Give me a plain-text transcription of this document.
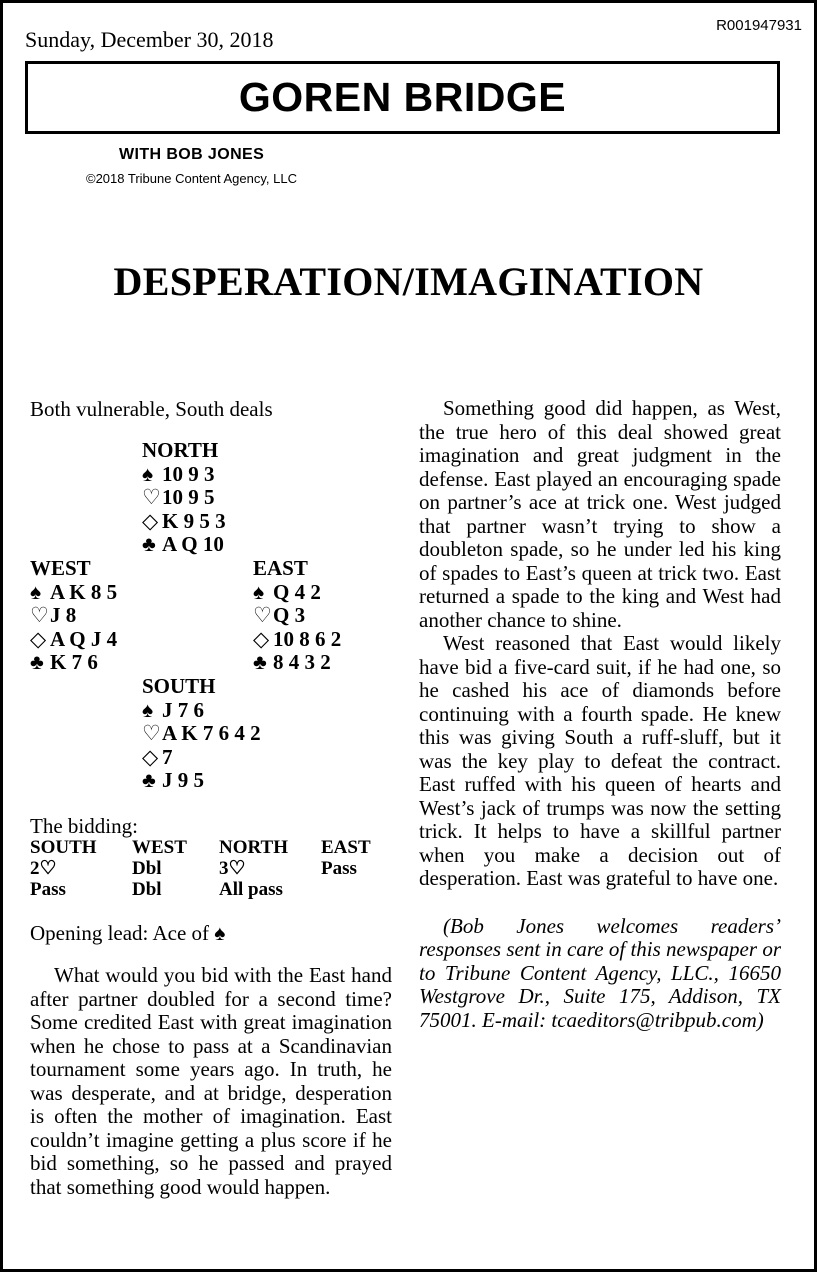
Sunday, December 30, 2018
R001947931
GOREN BRIDGE
WITH BOB JONES
©2018 Tribune Content Agency, LLC
DESPERATION/IMAGINATION
Both vulnerable, South deals
NORTH
♠ 10 9 3
♡10 9 5
◇ K 9 5 3
♣ A Q 10
WEST
♠ A K 8 5
♡J 8
◇ A Q J 4
♣ K 7 6
EAST
♠ Q 4 2
♡Q 3
◇ 10 8 6 2
♣ 8 4 3 2
SOUTH
♠ J 7 6
♡A K 7 6 4 2
◇ 7
♣ J 9 5
The bidding:
SOUTH WEST NORTH EAST
2♡	Dbl	3♡	Pass
Pass	Dbl	All pass
Opening lead: Ace of ♠

What would you bid with the East hand after partner doubled for a second time? Some credited East with great imagination when he chose to pass at a Scandinavian tournament some years ago. In truth, he was desperate, and at bridge, desperation is often the mother of imagination. East couldn’t imagine getting a plus score if he bid something, so he passed and prayed that something good would happen.

Something good did happen, as West, the true hero of this deal showed great imagination and great judgment in the defense. East played an encouraging spade on partner’s ace at trick one. West judged that partner wasn’t trying to show a doubleton spade, so he under led his king of spades to East’s queen at trick two. East returned a spade to the king and West had another chance to shine.

West reasoned that East would likely have bid a five-card suit, if he had one, so he cashed his ace of diamonds before continuing with a fourth spade. He knew this was giving South a ruff-sluff, but it was the key play to defeat the contract. East ruffed with his queen of hearts and West’s jack of trumps was now the setting trick. It helps to have a skillful partner when you make a decision out of desperation. East was grateful to have one.

(Bob Jones welcomes readers’ responses sent in care of this newspaper or to Tribune Content Agency, LLC., 16650 Westgrove Dr., Suite 175, Addison, TX 75001. E-mail: tcaeditors@tribpub.com)
